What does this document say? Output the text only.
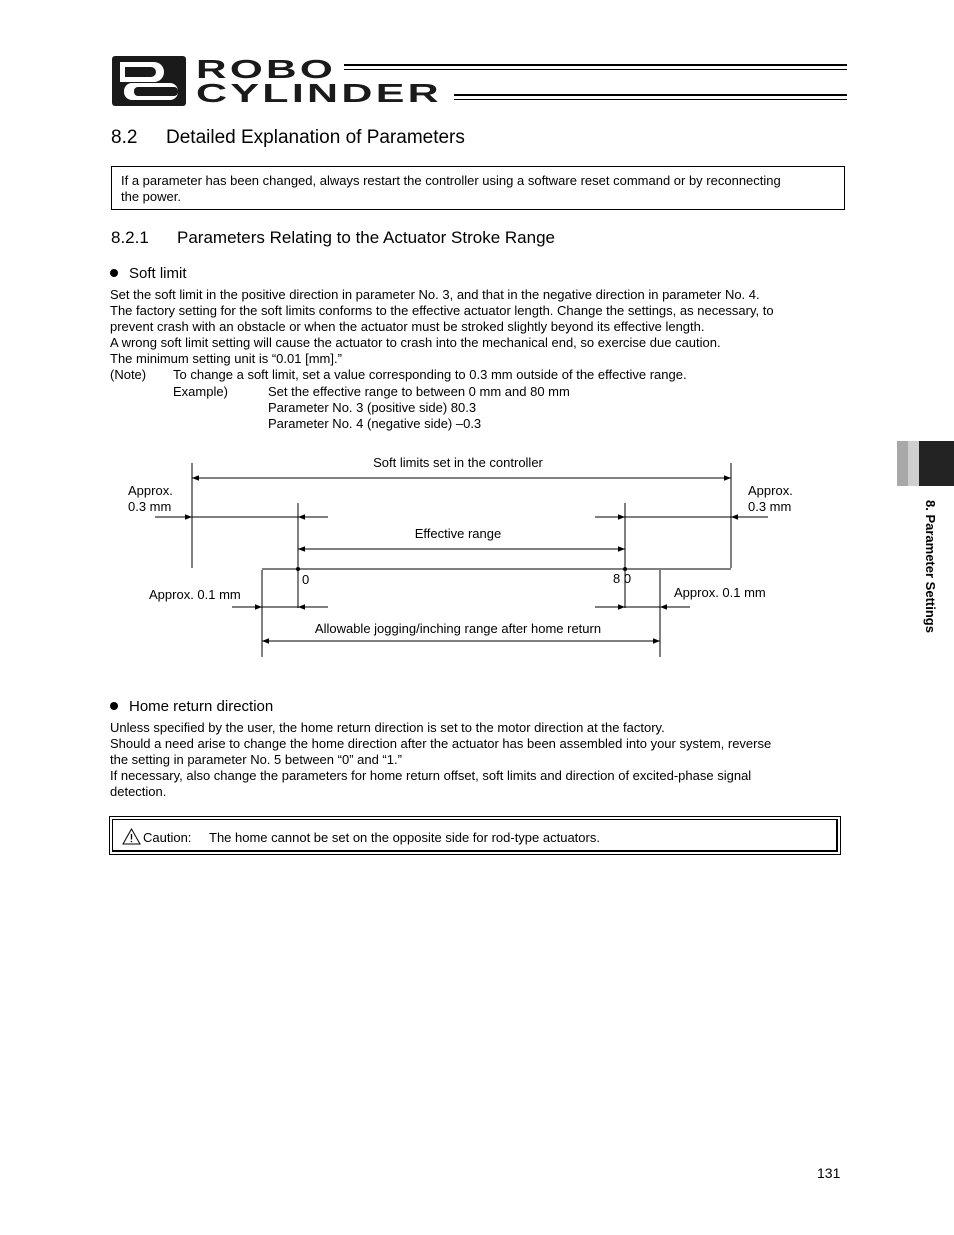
RC ROBO
CYLINDER
8.2 Detailed Explanation of Parameters
If a parameter has been changed, always restart the controller using a software reset command or by reconnecting
the power.
8.2.1 Parameters Relating to the Actuator Stroke Range
Soft limit
Set the soft limit in the positive direction in parameter No. 3, and that in the negative direction in parameter No. 4.
The factory setting for the soft limits conforms to the effective actuator length. Change the settings, as necessary, to
prevent crash with an obstacle or when the actuator must be stroked slightly beyond its effective length.
A wrong soft limit setting will cause the actuator to crash into the mechanical end, so exercise due caution.
The minimum setting unit is “0.01 [mm].”
(Note) To change a soft limit, set a value corresponding to 0.3 mm outside of the effective range.
Example)	Set the effective range to between 0 mm and 80 mm
Parameter No. 3 (positive side) 80.3
Parameter No. 4 (negative side) –0.3
Soft limits set in the controller
Approx.
0.3 mm
Approx.
0.3 mm
Effective range
0	8 0
Approx. 0.1 mm	Approx. 0.1 mm
Allowable jogging/inching range after home return
Home return direction
Unless specified by the user, the home return direction is set to the motor direction at the factory.
Should a need arise to change the home direction after the actuator has been assembled into your system, reverse
the setting in parameter No. 5 between “0” and “1.”
If necessary, also change the parameters for home return offset, soft limits and direction of excited-phase signal
detection.
Caution: The home cannot be set on the opposite side for rod-type actuators.
8. Parameter Settings
131
